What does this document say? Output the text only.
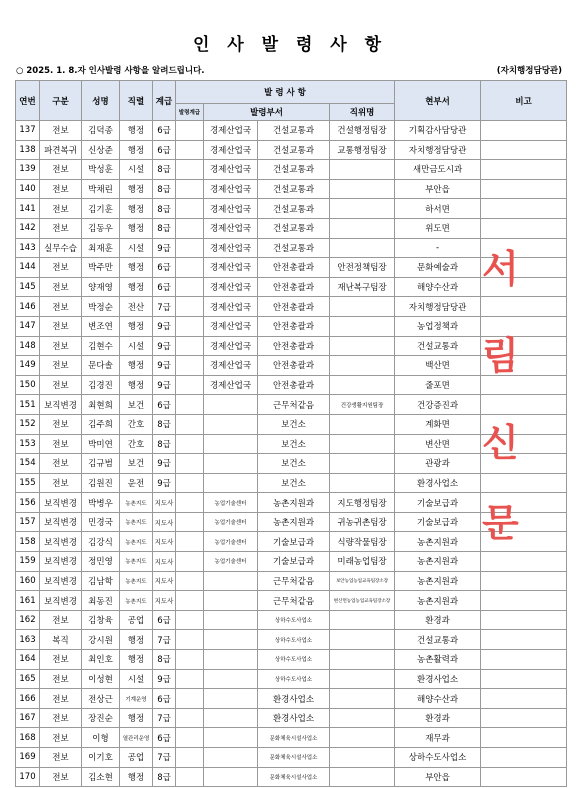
인 사 발 령 사 항
○ 2025. 1. 8.자 인사발령 사항을 알려드립니다.	(자치행정담당관)
연번	구분	성명	직렬	계급	발 령 사 항				현부서	비고
					발령계급	발령부서		직위명		
137	전보	김덕종	행정	6급		경제산업국	건설교통과	건설행정팀장	기획감사담당관	
138	파견복귀	신상준	행정	6급		경제산업국	건설교통과	교통행정팀장	자치행정담당관	
139	전보	박성훈	시설	8급		경제산업국	건설교통과		새만금도시과	
140	전보	박채린	행정	8급		경제산업국	건설교통과		부안읍	
141	전보	김기훈	행정	8급		경제산업국	건설교통과		하서면	
142	전보	김동우	행정	8급		경제산업국	건설교통과		위도면	
143	실무수습	최재훈	시설	9급		경제산업국	건설교통과		-	
144	전보	박주만	행정	6급		경제산업국	안전총괄과	안전정책팀장	문화예술과	
145	전보	양재영	행정	6급		경제산업국	안전총괄과	재난복구팀장	해양수산과	
146	전보	박정순	전산	7급		경제산업국	안전총괄과		자치행정담당관	
147	전보	변조연	행정	9급		경제산업국	안전총괄과		농업정책과	
148	전보	김현수	시설	9급		경제산업국	안전총괄과		건설교통과	
149	전보	문다솔	행정	9급		경제산업국	안전총괄과		백산면	
150	전보	김경진	행정	9급		경제산업국	안전총괄과		줄포면	
151	보직변경	최현희	보건	6급			근무처같음	건강생활지원팀장	건강증진과	
152	전보	김주희	간호	8급			보건소		계화면	
153	전보	박미연	간호	8급			보건소		변산면	
154	전보	김규범	보건	9급			보건소		관광과	
155	전보	김원진	운전	9급			보건소		환경사업소	
156	보직변경	박병우	농촌지도	지도사		농업기술센터	농촌지원과	지도행정팀장	기술보급과	
157	보직변경	민경국	농촌지도	지도사		농업기술센터	농촌지원과	귀농귀촌팀장	기술보급과	
158	보직변경	김강식	농촌지도	지도사		농업기술센터	기술보급과	식량작물팀장	농촌지원과	
159	보직변경	정민영	농촌지도	지도사		농업기술센터	기술보급과	미래농업팀장	농촌지원과	
160	보직변경	김남학	농촌지도	지도사			근무처같음	보안농업농업교육팀장소장	농촌지원과	
161	보직변경	최동진	농촌지도	지도사			근무처같음	변산면농업농업교육팀장소장	농촌지원과	
162	전보	김창육	공업	6급			상하수도사업소		환경과	
163	복직	강시원	행정	7급			상하수도사업소		건설교통과	
164	전보	최인호	행정	8급			상하수도사업소		농촌활력과	
165	전보	이성현	시설	9급			상하수도사업소		환경사업소	
166	전보	전상근	기계운영	6급			환경사업소		해양수산과	
167	전보	장진순	행정	7급			환경사업소		환경과	
168	전보	이형	열관리운영	6급			문화체육시설사업소		재무과	
169	전보	이기호	공업	7급			문화체육시설사업소		상하수도사업소	
170	전보	김소현	행정	8급			문화체육시설사업소		부안읍	
서
림
신
문
